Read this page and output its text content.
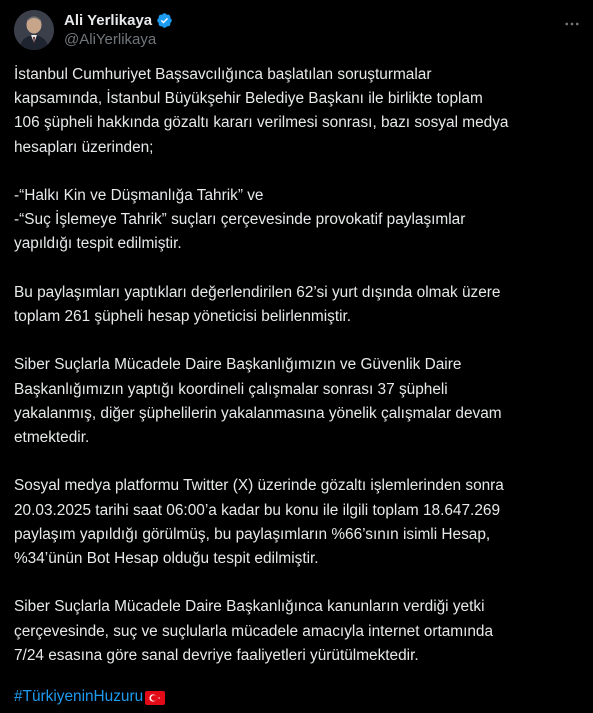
Ali Yerlikaya
@AliYerlikaya

İstanbul Cumhuriyet Başsavcılığınca başlatılan soruşturmalar
kapsamında, İstanbul Büyükşehir Belediye Başkanı ile birlikte toplam
106 şüpheli hakkında gözaltı kararı verilmesi sonrası, bazı sosyal medya
hesapları üzerinden;

-“Halkı Kin ve Düşmanlığa Tahrik” ve
-“Suç İşlemeye Tahrik” suçları çerçevesinde provokatif paylaşımlar
yapıldığı tespit edilmiştir.

Bu paylaşımları yaptıkları değerlendirilen 62’si yurt dışında olmak üzere
toplam 261 şüpheli hesap yöneticisi belirlenmiştir.

Siber Suçlarla Mücadele Daire Başkanlığımızın ve Güvenlik Daire
Başkanlığımızın yaptığı koordineli çalışmalar sonrası 37 şüpheli
yakalanmış, diğer şüphelilerin yakalanmasına yönelik çalışmalar devam
etmektedir.

Sosyal medya platformu Twitter (X) üzerinde gözaltı işlemlerinden sonra
20.03.2025 tarihi saat 06:00’a kadar bu konu ile ilgili toplam 18.647.269
paylaşım yapıldığı görülmüş, bu paylaşımların %66’sının isimli Hesap,
%34’ünün Bot Hesap olduğu tespit edilmiştir.

Siber Suçlarla Mücadele Daire Başkanlığınca kanunların verdiği yetki
çerçevesinde, suç ve suçlularla mücadele amacıyla internet ortamında
7/24 esasına göre sanal devriye faaliyetleri yürütülmektedir.

#TürkiyeninHuzuru
